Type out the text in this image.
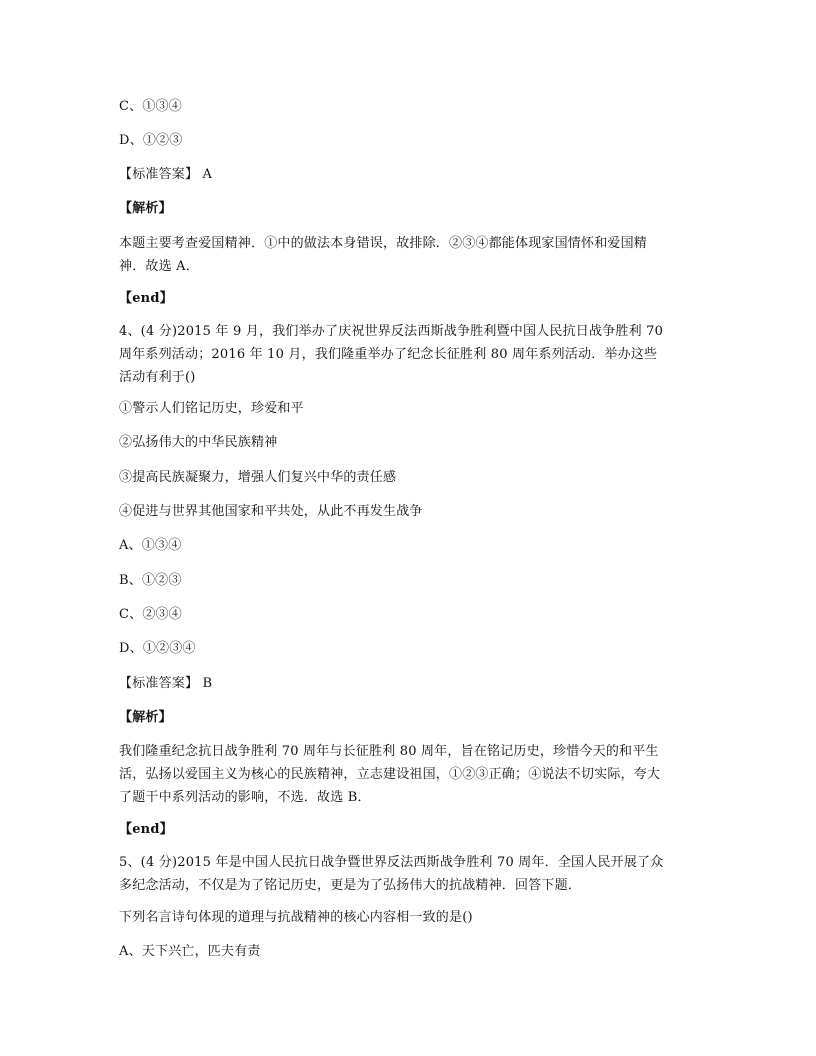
C、①③④
D、①②③
【标准答案】 A
【解析】
本题主要考查爱国精神．①中的做法本身错误，故排除．②③④都能体现家国情怀和爱国精
神．故选 A．
【end】
4、(4 分)2015 年 9 月，我们举办了庆祝世界反法西斯战争胜利暨中国人民抗日战争胜利 70
周年系列活动；2016 年 10 月，我们隆重举办了纪念长征胜利 80 周年系列活动．举办这些
活动有利于()
①警示人们铭记历史，珍爱和平
②弘扬伟大的中华民族精神
③提高民族凝聚力，增强人们复兴中华的责任感
④促进与世界其他国家和平共处，从此不再发生战争
A、①③④
B、①②③
C、②③④
D、①②③④
【标准答案】 B
【解析】
我们隆重纪念抗日战争胜利 70 周年与长征胜利 80 周年，旨在铭记历史，珍惜今天的和平生
活，弘扬以爱国主义为核心的民族精神，立志建设祖国，①②③正确；④说法不切实际，夸大
了题干中系列活动的影响，不选．故选 B．
【end】
5、(4 分)2015 年是中国人民抗日战争暨世界反法西斯战争胜利 70 周年．全国人民开展了众
多纪念活动，不仅是为了铭记历史，更是为了弘扬伟大的抗战精神．回答下题．
下列名言诗句体现的道理与抗战精神的核心内容相一致的是()
A、天下兴亡，匹夫有责
